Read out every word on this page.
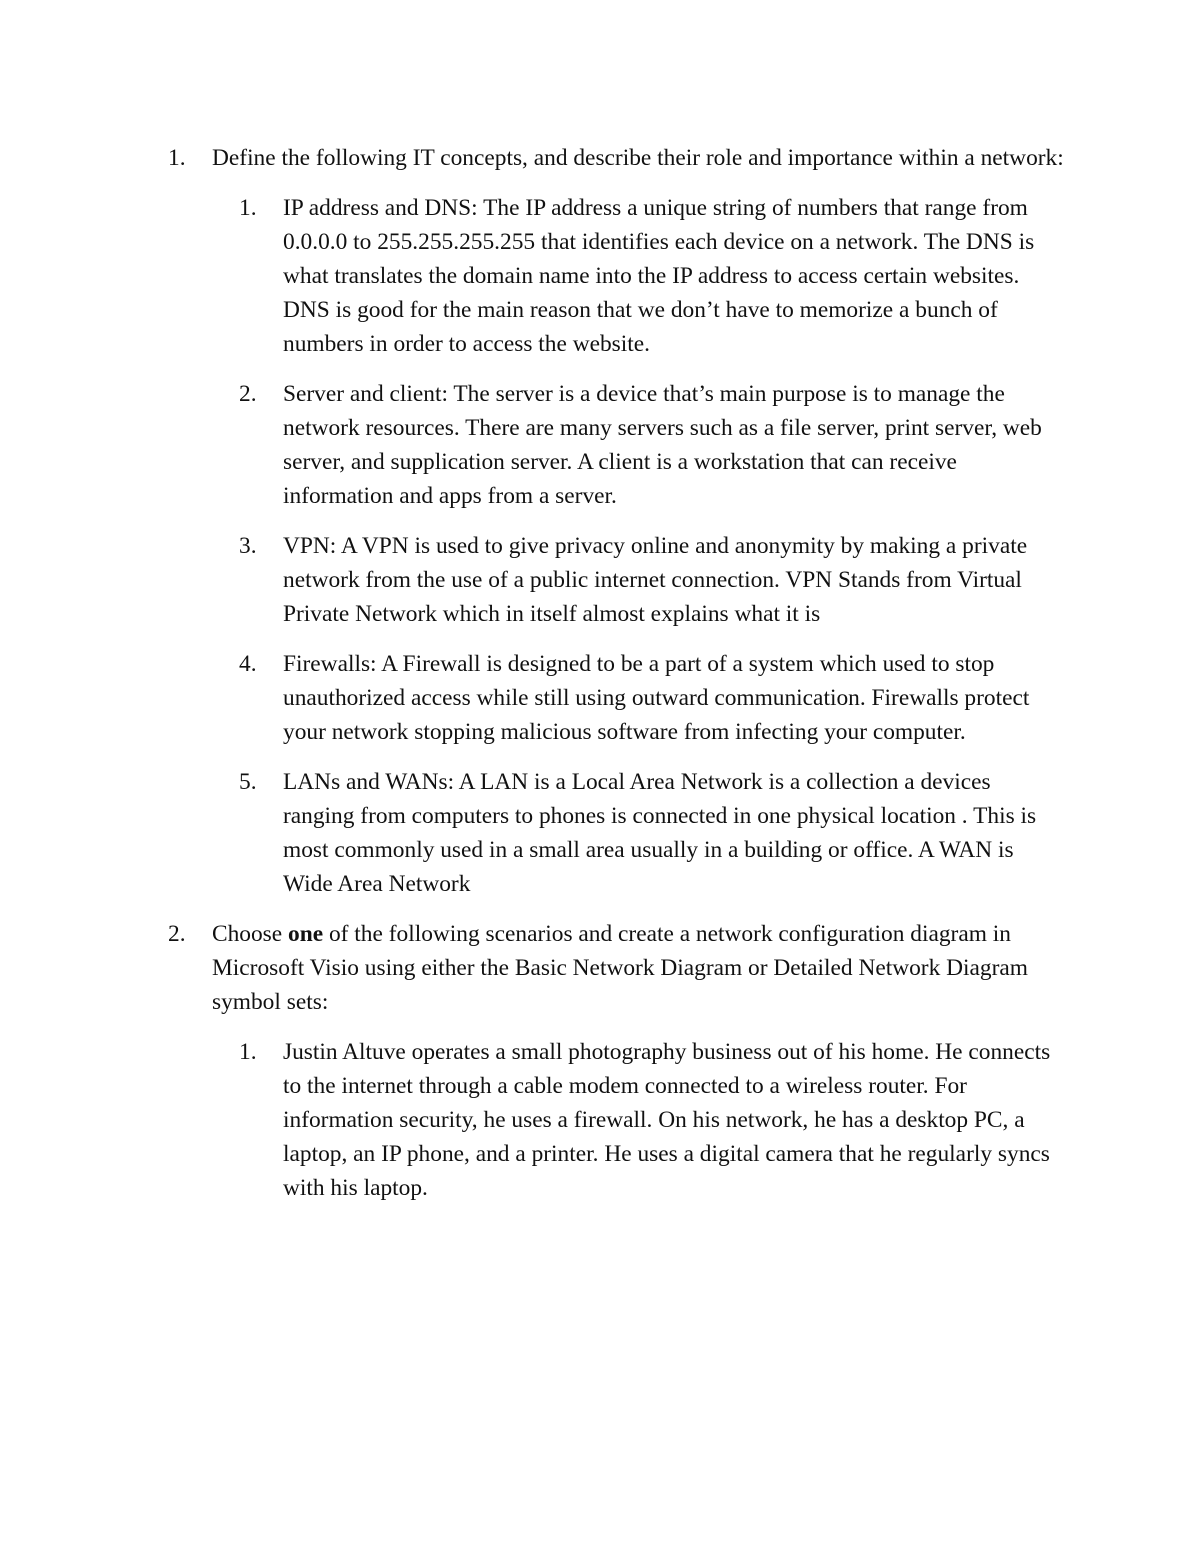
1.	Define the following IT concepts, and describe their role and importance within a network:
1.	IP address and DNS: The IP address a unique string of numbers that range from 0.0.0.0 to 255.255.255.255 that identifies each device on a network. The DNS is what translates the domain name into the IP address to access certain websites. DNS is good for the main reason that we don’t have to memorize a bunch of numbers in order to access the website.
2.	Server and client: The server is a device that’s main purpose is to manage the network resources. There are many servers such as a file server, print server, web server, and supplication server. A client is a workstation that can receive information and apps from a server.
3.	VPN: A VPN is used to give privacy online and anonymity by making a private network from the use of a public internet connection. VPN Stands from Virtual Private Network which in itself almost explains what it is
4.	Firewalls: A Firewall is designed to be a part of a system which used to stop unauthorized access while still using outward communication. Firewalls protect your network stopping malicious software from infecting your computer.
5.	LANs and WANs: A LAN is a Local Area Network is a collection a devices ranging from computers to phones is connected in one physical location . This is most commonly used in a small area usually in a building or office. A WAN is Wide Area Network
2.	Choose one of the following scenarios and create a network configuration diagram in Microsoft Visio using either the Basic Network Diagram or Detailed Network Diagram symbol sets:
1.	Justin Altuve operates a small photography business out of his home. He connects to the internet through a cable modem connected to a wireless router. For information security, he uses a firewall. On his network, he has a desktop PC, a laptop, an IP phone, and a printer. He uses a digital camera that he regularly syncs with his laptop.
